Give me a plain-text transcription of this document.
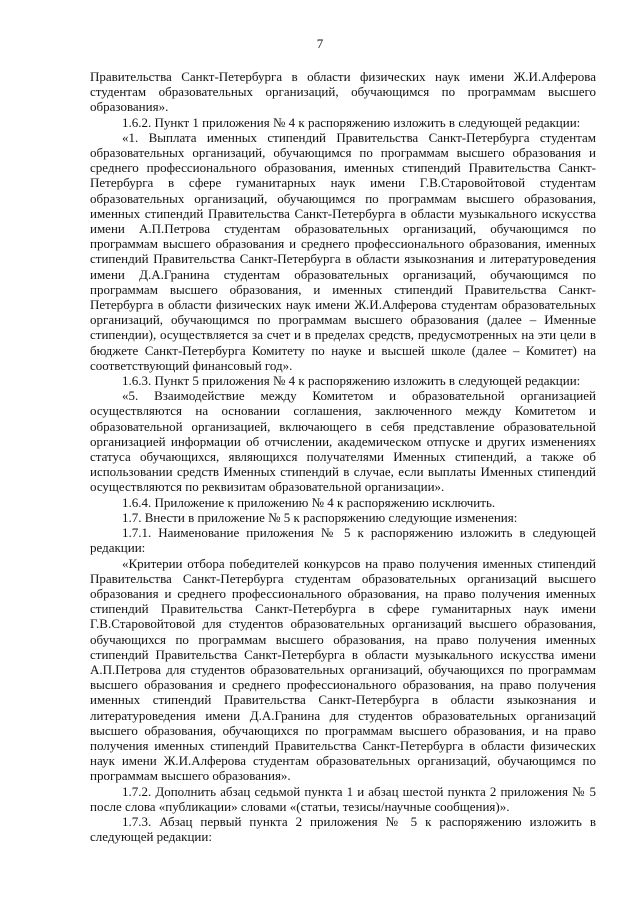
7

Правительства Санкт-Петербурга в области физических наук имени Ж.И.Алферова студентам образовательных организаций, обучающимся по программам высшего образования».

1.6.2. Пункт 1 приложения № 4 к распоряжению изложить в следующей редакции:

«1. Выплата именных стипендий Правительства Санкт-Петербурга студентам образовательных организаций, обучающимся по программам высшего образования и среднего профессионального образования, именных стипендий Правительства Санкт-Петербурга в сфере гуманитарных наук имени Г.В.Старовойтовой студентам образовательных организаций, обучающимся по программам высшего образования, именных стипендий Правительства Санкт-Петербурга в области музыкального искусства имени А.П.Петрова студентам образовательных организаций, обучающимся по программам высшего образования и среднего профессионального образования, именных стипендий Правительства Санкт-Петербурга в области языкознания и литературоведения имени Д.А.Гранина студентам образовательных организаций, обучающимся по программам высшего образования, и именных стипендий Правительства Санкт-Петербурга в области физических наук имени Ж.И.Алферова студентам образовательных организаций, обучающимся по программам высшего образования (далее – Именные стипендии), осуществляется за счет и в пределах средств, предусмотренных на эти цели в бюджете Санкт-Петербурга Комитету по науке и высшей школе (далее – Комитет) на соответствующий финансовый год».

1.6.3. Пункт 5 приложения № 4 к распоряжению изложить в следующей редакции:

«5. Взаимодействие между Комитетом и образовательной организацией осуществляются на основании соглашения, заключенного между Комитетом и образовательной организацией, включающего в себя представление образовательной организацией информации об отчислении, академическом отпуске и других изменениях статуса обучающихся, являющихся получателями Именных стипендий, а также об использовании средств Именных стипендий в случае, если выплаты Именных стипендий осуществляются по реквизитам образовательной организации».

1.6.4. Приложение к приложению № 4 к распоряжению исключить.

1.7. Внести в приложение № 5 к распоряжению следующие изменения:

1.7.1. Наименование приложения № 5 к распоряжению изложить в следующей редакции:

«Критерии отбора победителей конкурсов на право получения именных стипендий Правительства Санкт-Петербурга студентам образовательных организаций высшего образования и среднего профессионального образования, на право получения именных стипендий Правительства Санкт-Петербурга в сфере гуманитарных наук имени Г.В.Старовойтовой для студентов образовательных организаций высшего образования, обучающихся по программам высшего образования, на право получения именных стипендий Правительства Санкт-Петербурга в области музыкального искусства имени А.П.Петрова для студентов образовательных организаций, обучающихся по программам высшего образования и среднего профессионального образования, на право получения именных стипендий Правительства Санкт-Петербурга в области языкознания и литературоведения имени Д.А.Гранина для студентов образовательных организаций высшего образования, обучающихся по программам высшего образования, и на право получения именных стипендий Правительства Санкт-Петербурга в области физических наук имени Ж.И.Алферова студентам образовательных организаций, обучающимся по программам высшего образования».

1.7.2. Дополнить абзац седьмой пункта 1 и абзац шестой пункта 2 приложения № 5 после слова «публикации» словами «(статьи, тезисы/научные сообщения)».

1.7.3. Абзац первый пункта 2 приложения № 5 к распоряжению изложить в следующей редакции:
